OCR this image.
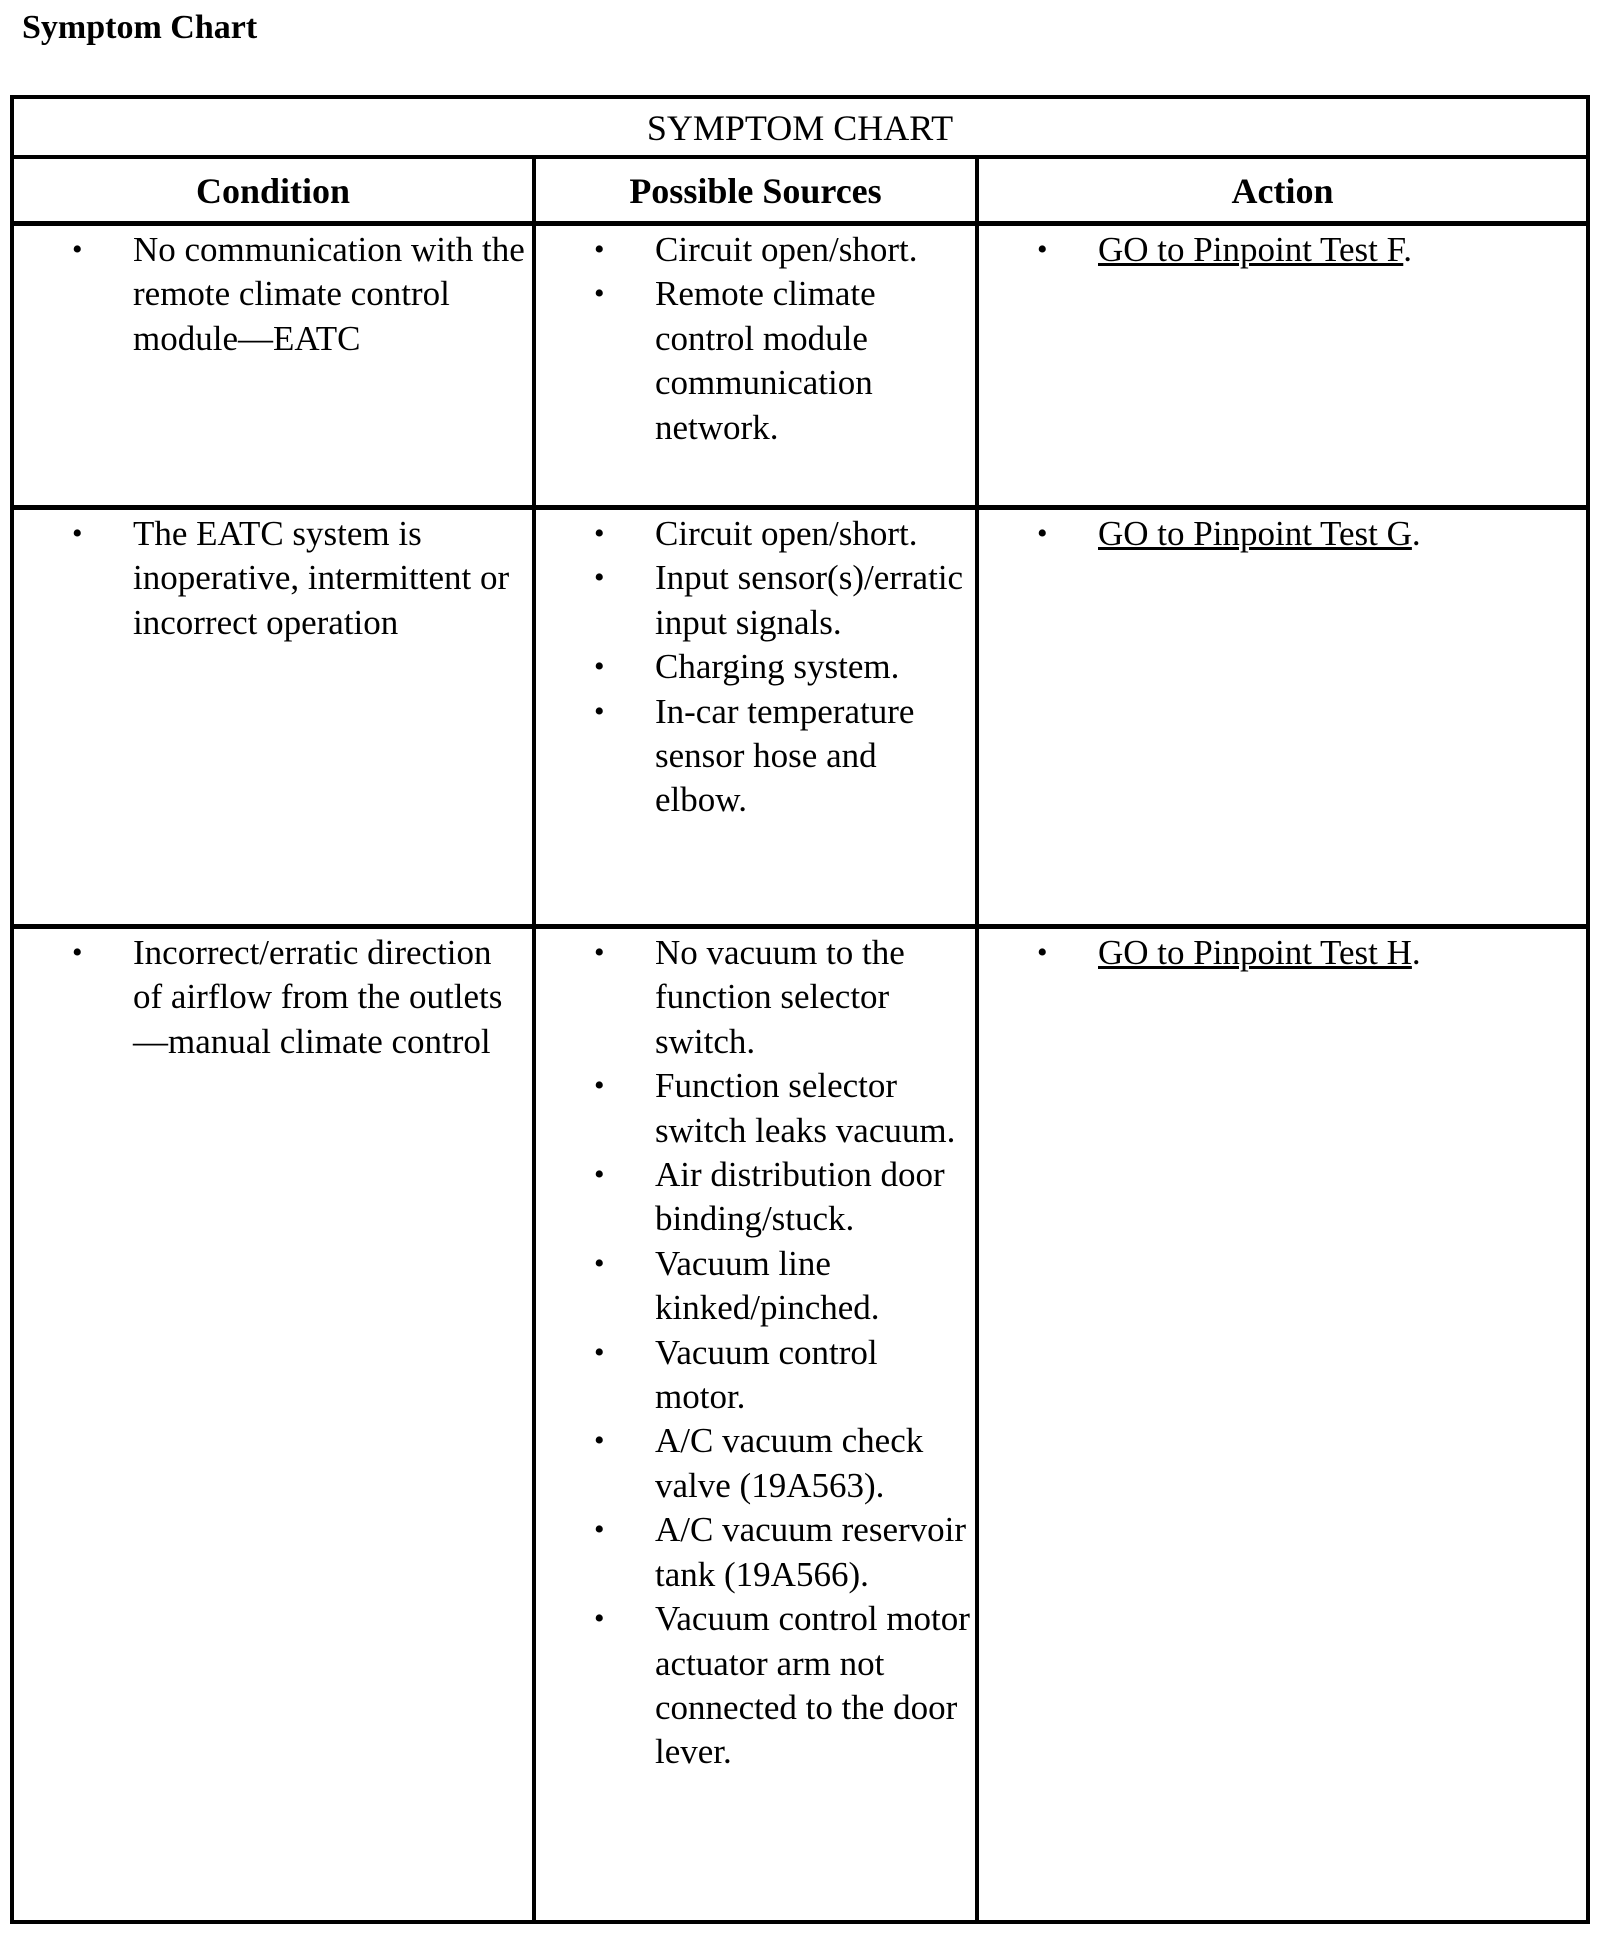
Symptom Chart
SYMPTOM CHART
Condition	Possible Sources	Action
• No communication with the remote climate control module—EATC
• Circuit open/short.
• Remote climate control module communication network.
• GO to Pinpoint Test F.
• The EATC system is inoperative, intermittent or incorrect operation
• Circuit open/short.
• Input sensor(s)/erratic input signals.
• Charging system.
• In-car temperature sensor hose and elbow.
• GO to Pinpoint Test G.
• Incorrect/erratic direction of airflow from the outlets—manual climate control
• No vacuum to the function selector switch.
• Function selector switch leaks vacuum.
• Air distribution door binding/stuck.
• Vacuum line kinked/pinched.
• Vacuum control motor.
• A/C vacuum check valve (19A563).
• A/C vacuum reservoir tank (19A566).
• Vacuum control motor actuator arm not connected to the door lever.
• GO to Pinpoint Test H.
